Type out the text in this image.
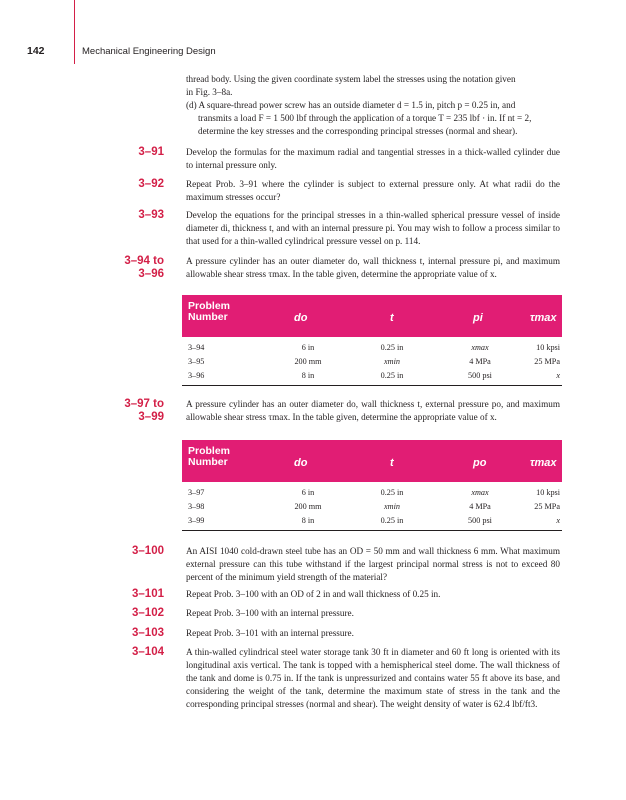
142	Mechanical Engineering Design
thread body. Using the given coordinate system label the stresses using the notation given
in Fig. 3–8a.
(d) A square-thread power screw has an outside diameter d = 1.5 in, pitch p = 0.25 in, and
transmits a load F = 1 500 lbf through the application of a torque T = 235 lbf · in. If nt = 2,
determine the key stresses and the corresponding principal stresses (normal and shear).
3–91 Develop the formulas for the maximum radial and tangential stresses in a thick-walled cylinder due to internal pressure only.
3–92 Repeat Prob. 3–91 where the cylinder is subject to external pressure only. At what radii do the maximum stresses occur?
3–93 Develop the equations for the principal stresses in a thin-walled spherical pressure vessel of inside diameter di, thickness t, and with an internal pressure pi. You may wish to follow a process similar to that used for a thin-walled cylindrical pressure vessel on p. 114.
3–94 to
3–96
A pressure cylinder has an outer diameter do, wall thickness t, internal pressure pi, and maximum allowable shear stress τmax. In the table given, determine the appropriate value of x.
Problem
Number	do	t	pi	τmax
3–94	6 in	0.25 in	xmax	10 kpsi
3–95	200 mm	xmin	4 MPa	25 MPa
3–96	8 in	0.25 in	500 psi	x
3–97 to
3–99
A pressure cylinder has an outer diameter do, wall thickness t, external pressure po, and maximum allowable shear stress τmax. In the table given, determine the appropriate value of x.
Problem
Number	do	t	po	τmax
3–97	6 in	0.25 in	xmax	10 kpsi
3–98	200 mm	xmin	4 MPa	25 MPa
3–99	8 in	0.25 in	500 psi	x
3–100 An AISI 1040 cold-drawn steel tube has an OD = 50 mm and wall thickness 6 mm. What maximum external pressure can this tube withstand if the largest principal normal stress is not to exceed 80 percent of the minimum yield strength of the material?
3–101 Repeat Prob. 3–100 with an OD of 2 in and wall thickness of 0.25 in.
3–102 Repeat Prob. 3–100 with an internal pressure.
3–103 Repeat Prob. 3–101 with an internal pressure.
3–104 A thin-walled cylindrical steel water storage tank 30 ft in diameter and 60 ft long is oriented with its longitudinal axis vertical. The tank is topped with a hemispherical steel dome. The wall thickness of the tank and dome is 0.75 in. If the tank is unpressurized and contains water 55 ft above its base, and considering the weight of the tank, determine the maximum state of stress in the tank and the corresponding principal stresses (normal and shear). The weight density of water is 62.4 lbf/ft3.
